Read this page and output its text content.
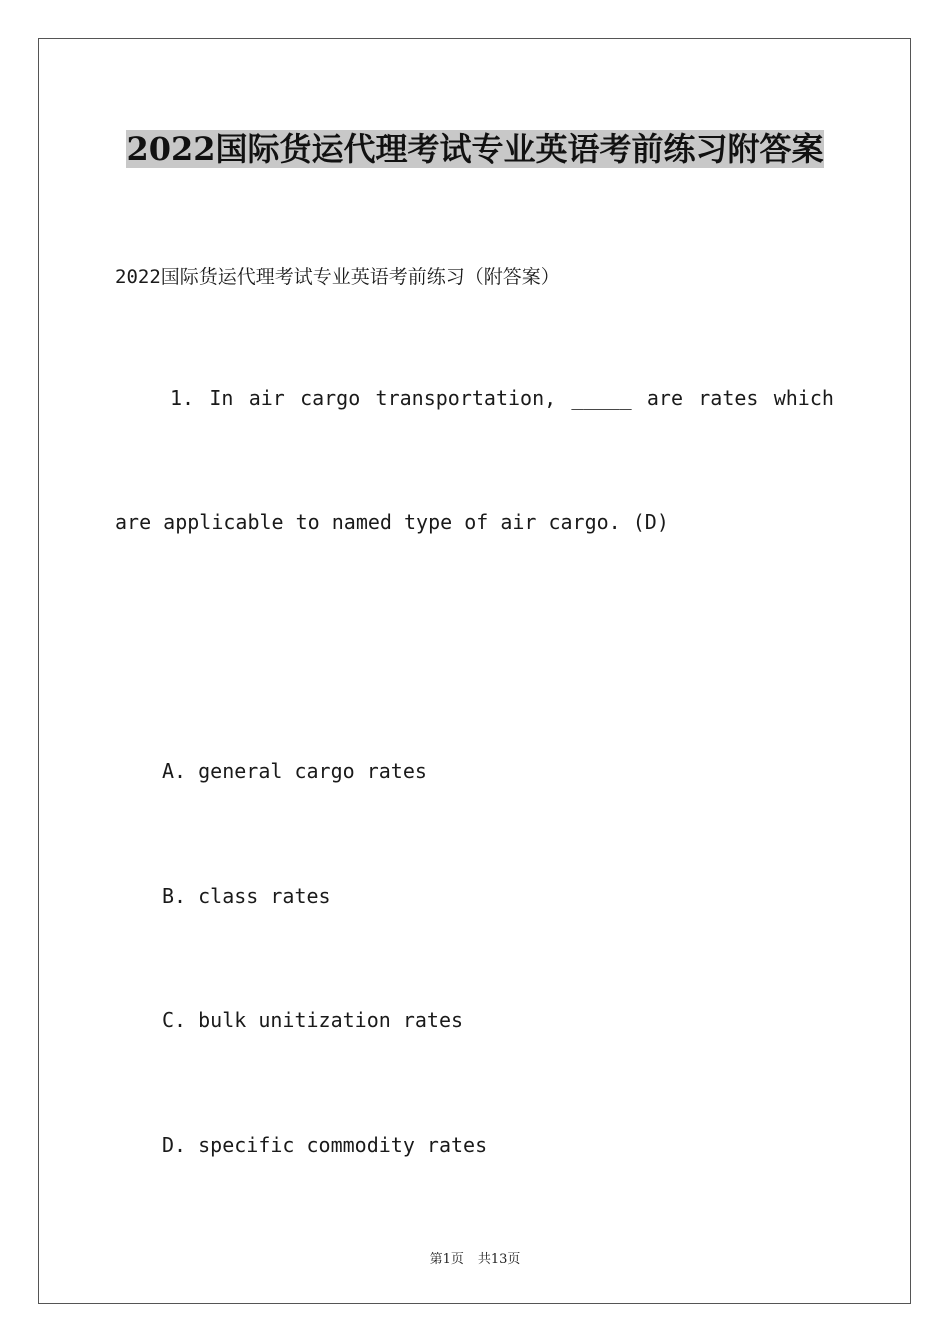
2022国际货运代理考试专业英语考前练习附答案
2022国际货运代理考试专业英语考前练习（附答案）
1. In air cargo transportation, _____ are rates which
are applicable to named type of air cargo. (D)
A. general cargo rates
B. class rates
C. bulk unitization rates
D. specific commodity rates
第1页 共13页
